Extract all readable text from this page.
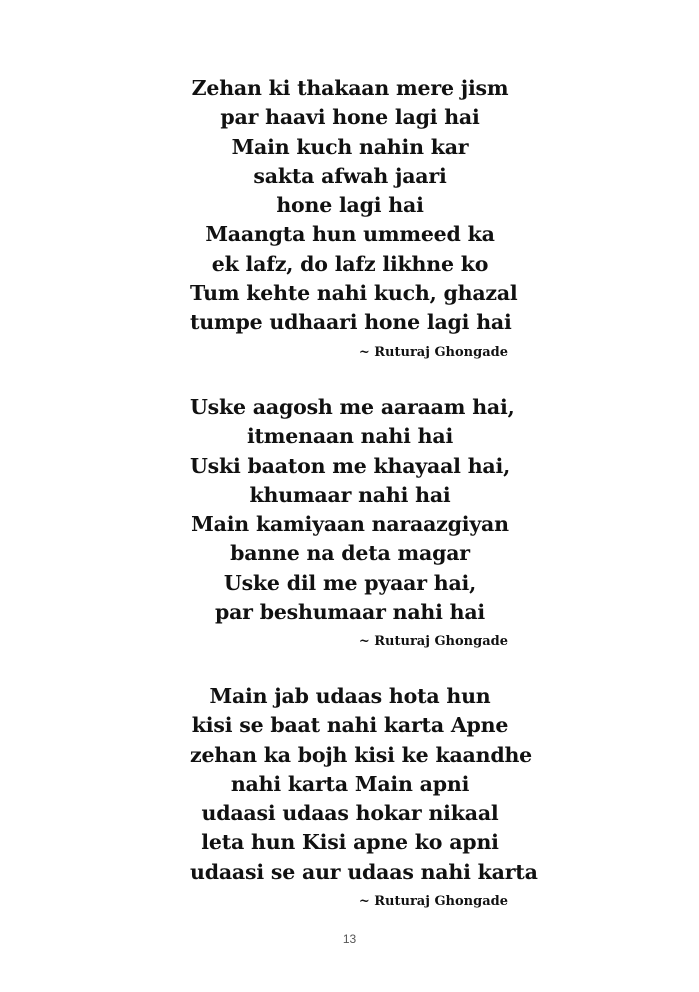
Zehan ki thakaan mere jism
par haavi hone lagi hai
Main kuch nahin kar
sakta afwah jaari
hone lagi hai
Maangta hun ummeed ka
ek lafz, do lafz likhne ko
Tum kehte nahi kuch, ghazal
tumpe udhaari hone lagi hai
~ Ruturaj Ghongade
Uske aagosh me aaraam hai,
itmenaan nahi hai
Uski baaton me khayaal hai,
khumaar nahi hai
Main kamiyaan naraazgiyan
banne na deta magar
Uske dil me pyaar hai,
par beshumaar nahi hai
~ Ruturaj Ghongade
Main jab udaas hota hun
kisi se baat nahi karta Apne
zehan ka bojh kisi ke kaandhe
nahi karta Main apni
udaasi udaas hokar nikaal
leta hun Kisi apne ko apni
udaasi se aur udaas nahi karta
~ Ruturaj Ghongade
13
